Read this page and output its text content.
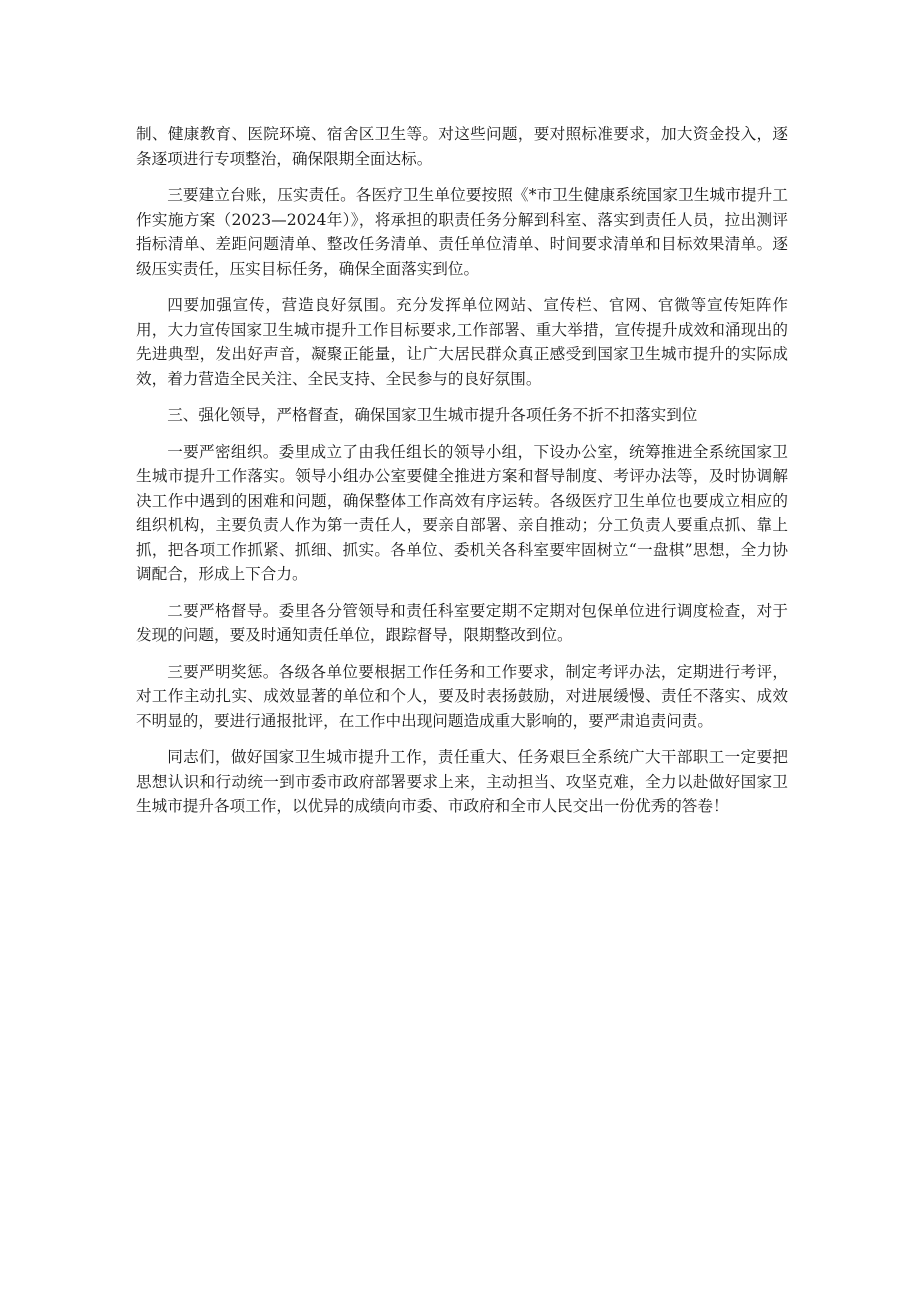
制、健康教育、医院环境、宿舍区卫生等。对这些问题，要对照标准要求，加大资金投入，逐条逐项进行专项整治，确保限期全面达标。

三要建立台账，压实责任。各医疗卫生单位要按照《*市卫生健康系统国家卫生城市提升工作实施方案（2023—2024年）》，将承担的职责任务分解到科室、落实到责任人员，拉出测评指标清单、差距问题清单、整改任务清单、责任单位清单、时间要求清单和目标效果清单。逐级压实责任，压实目标任务，确保全面落实到位。

四要加强宣传，营造良好氛围。充分发挥单位网站、宣传栏、官网、官微等宣传矩阵作用，大力宣传国家卫生城市提升工作目标要求,工作部署、重大举措，宣传提升成效和涌现出的先进典型，发出好声音，凝聚正能量，让广大居民群众真正感受到国家卫生城市提升的实际成效，着力营造全民关注、全民支持、全民参与的良好氛围。

三、强化领导，严格督查，确保国家卫生城市提升各项任务不折不扣落实到位

一要严密组织。委里成立了由我任组长的领导小组，下设办公室，统筹推进全系统国家卫生城市提升工作落实。领导小组办公室要健全推进方案和督导制度、考评办法等，及时协调解决工作中遇到的困难和问题，确保整体工作高效有序运转。各级医疗卫生单位也要成立相应的组织机构，主要负责人作为第一责任人，要亲自部署、亲自推动；分工负责人要重点抓、靠上抓，把各项工作抓紧、抓细、抓实。各单位、委机关各科室要牢固树立“一盘棋”思想，全力协调配合，形成上下合力。

二要严格督导。委里各分管领导和责任科室要定期不定期对包保单位进行调度检查，对于发现的问题，要及时通知责任单位，跟踪督导，限期整改到位。

三要严明奖惩。各级各单位要根据工作任务和工作要求，制定考评办法，定期进行考评，对工作主动扎实、成效显著的单位和个人，要及时表扬鼓励，对进展缓慢、责任不落实、成效不明显的，要进行通报批评，在工作中出现问题造成重大影响的，要严肃追责问责。

同志们，做好国家卫生城市提升工作，责任重大、任务艰巨全系统广大干部职工一定要把思想认识和行动统一到市委市政府部署要求上来，主动担当、攻坚克难，全力以赴做好国家卫生城市提升各项工作，以优异的成绩向市委、市政府和全市人民交出一份优秀的答卷！
